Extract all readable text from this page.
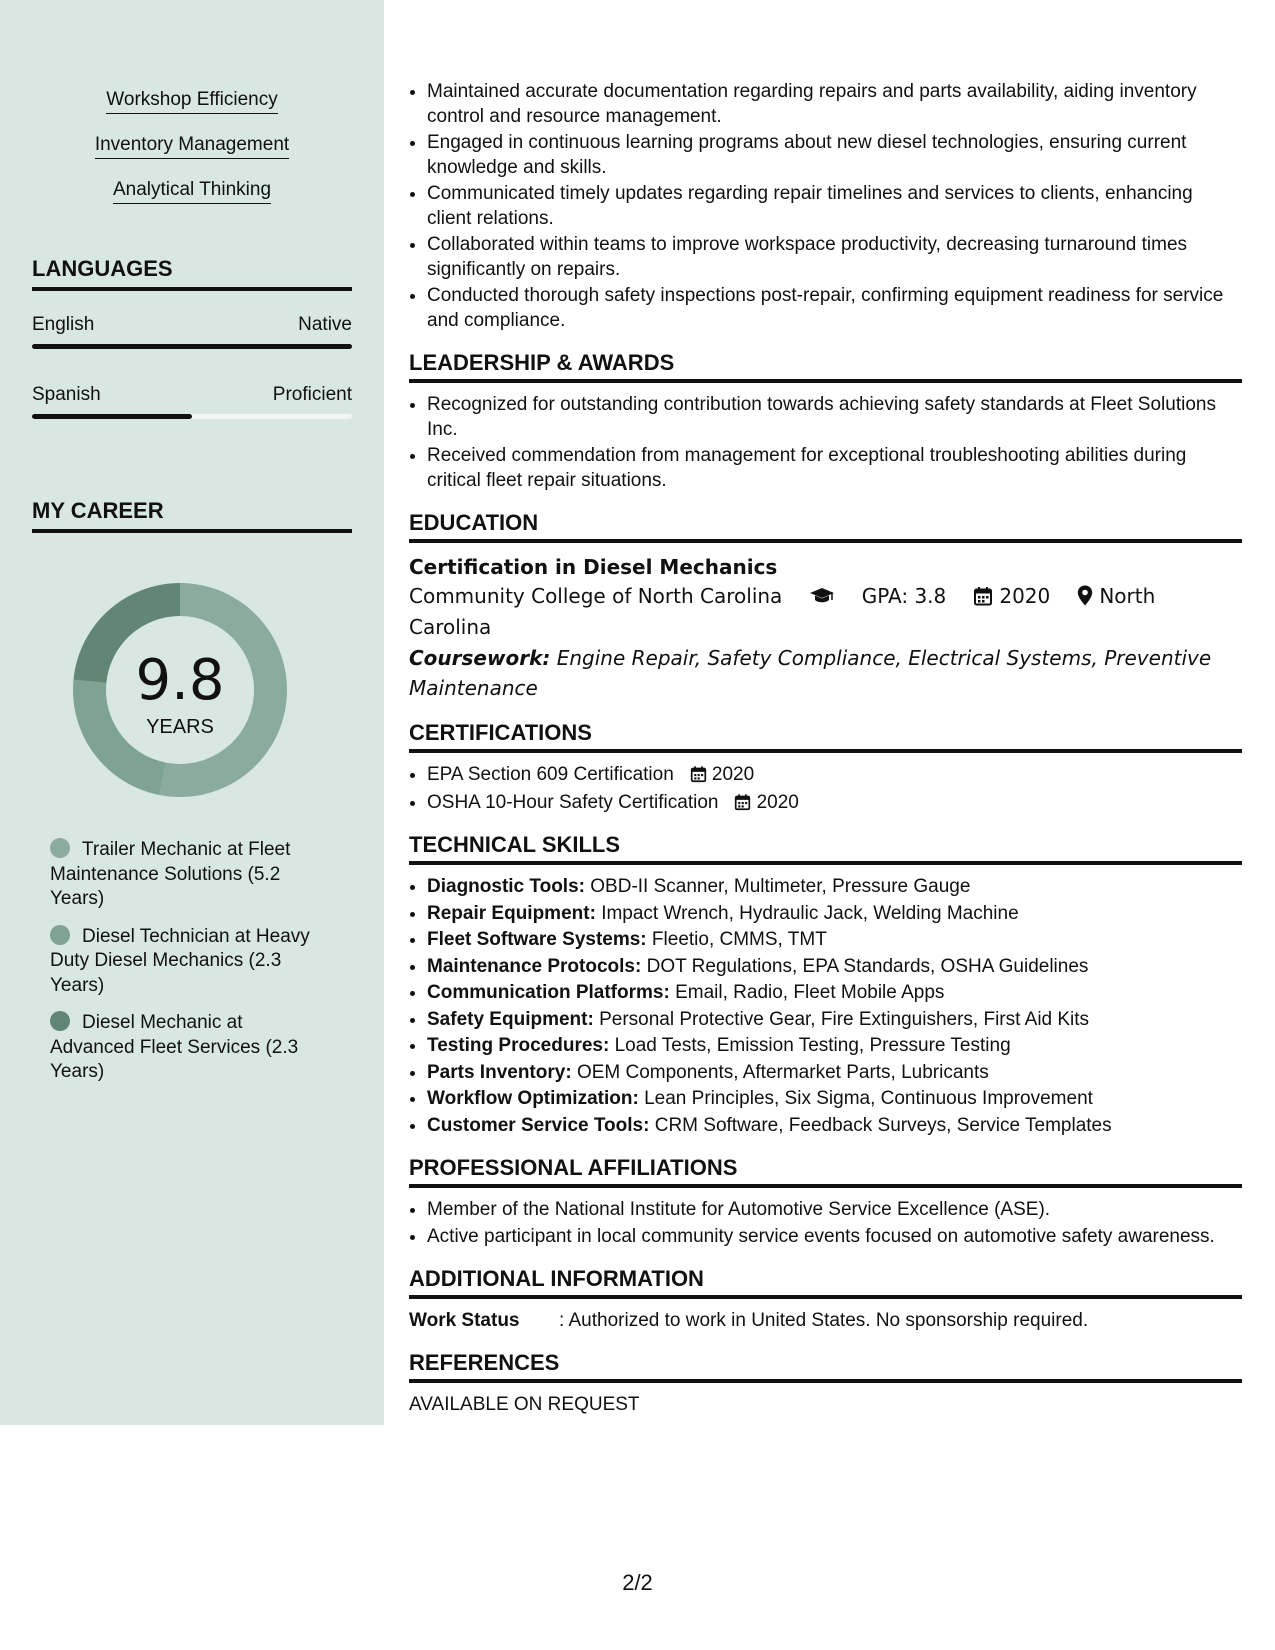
Workshop Efficiency
Inventory Management
Analytical Thinking
LANGUAGES
English	Native
Spanish	Proficient
MY CAREER
9.8
YEARS
Trailer Mechanic at Fleet Maintenance Solutions (5.2 Years)
Diesel Technician at Heavy Duty Diesel Mechanics (2.3 Years)
Diesel Mechanic at Advanced Fleet Services (2.3 Years)
• Maintained accurate documentation regarding repairs and parts availability, aiding inventory control and resource management.
• Engaged in continuous learning programs about new diesel technologies, ensuring current knowledge and skills.
• Communicated timely updates regarding repair timelines and services to clients, enhancing client relations.
• Collaborated within teams to improve workspace productivity, decreasing turnaround times significantly on repairs.
• Conducted thorough safety inspections post-repair, confirming equipment readiness for service and compliance.
LEADERSHIP & AWARDS
• Recognized for outstanding contribution towards achieving safety standards at Fleet Solutions Inc.
• Received commendation from management for exceptional troubleshooting abilities during critical fleet repair situations.
EDUCATION
Certification in Diesel Mechanics
Community College of North Carolina	GPA: 3.8	2020 North Carolina
Coursework: Engine Repair, Safety Compliance, Electrical Systems, Preventive Maintenance
CERTIFICATIONS
• EPA Section 609 Certification 2020
• OSHA 10-Hour Safety Certification 2020
TECHNICAL SKILLS
• Diagnostic Tools: OBD-II Scanner, Multimeter, Pressure Gauge
• Repair Equipment: Impact Wrench, Hydraulic Jack, Welding Machine
• Fleet Software Systems: Fleetio, CMMS, TMT
• Maintenance Protocols: DOT Regulations, EPA Standards, OSHA Guidelines
• Communication Platforms: Email, Radio, Fleet Mobile Apps
• Safety Equipment: Personal Protective Gear, Fire Extinguishers, First Aid Kits
• Testing Procedures: Load Tests, Emission Testing, Pressure Testing
• Parts Inventory: OEM Components, Aftermarket Parts, Lubricants
• Workflow Optimization: Lean Principles, Six Sigma, Continuous Improvement
• Customer Service Tools: CRM Software, Feedback Surveys, Service Templates
PROFESSIONAL AFFILIATIONS
• Member of the National Institute for Automotive Service Excellence (ASE).
• Active participant in local community service events focused on automotive safety awareness.
ADDITIONAL INFORMATION
Work Status : Authorized to work in United States. No sponsorship required.
REFERENCES
AVAILABLE ON REQUEST
2/2
